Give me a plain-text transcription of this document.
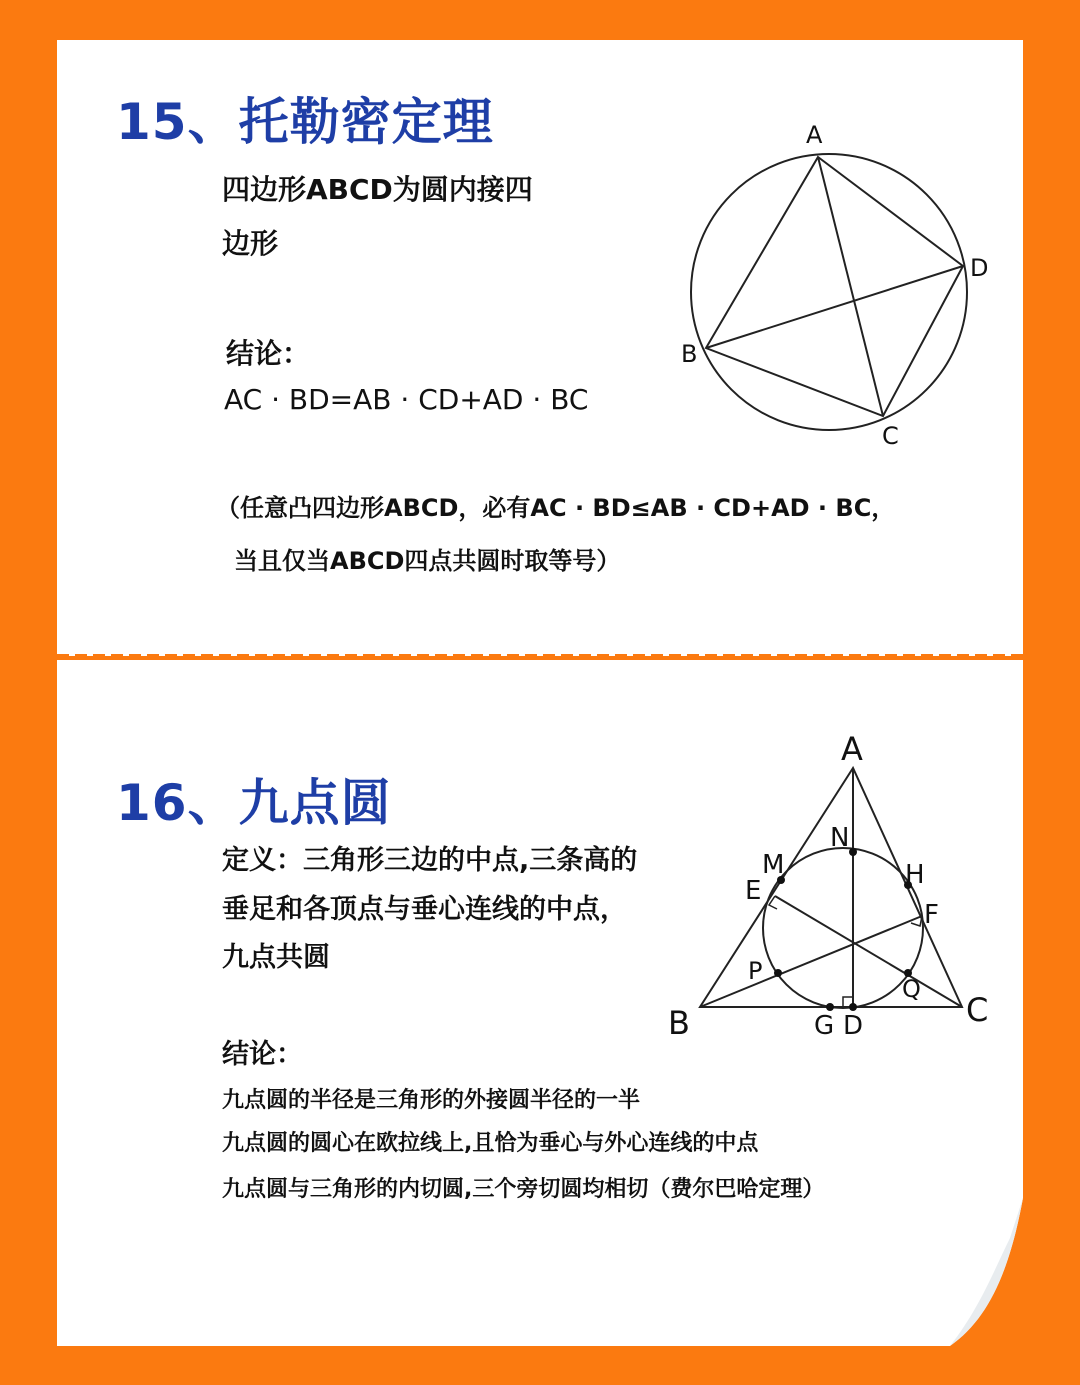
15、托勒密定理
四边形ABCD为圆内接四
边形
结论：
AC · BD=AB · CD+AD · BC
（任意凸四边形ABCD，必有AC · BD≤AB · CD+AD · BC，
当且仅当ABCD四点共圆时取等号）
A
D
B
C
16、九点圆
定义：三角形三边的中点,三条高的
垂足和各顶点与垂心连线的中点，
九点共圆
结论：
九点圆的半径是三角形的外接圆半径的一半
九点圆的圆心在欧拉线上,且恰为垂心与外心连线的中点
九点圆与三角形的内切圆,三个旁切圆均相切（费尔巴哈定理）
A
B	C
D
E
F
G
H
M
N
P
Q
